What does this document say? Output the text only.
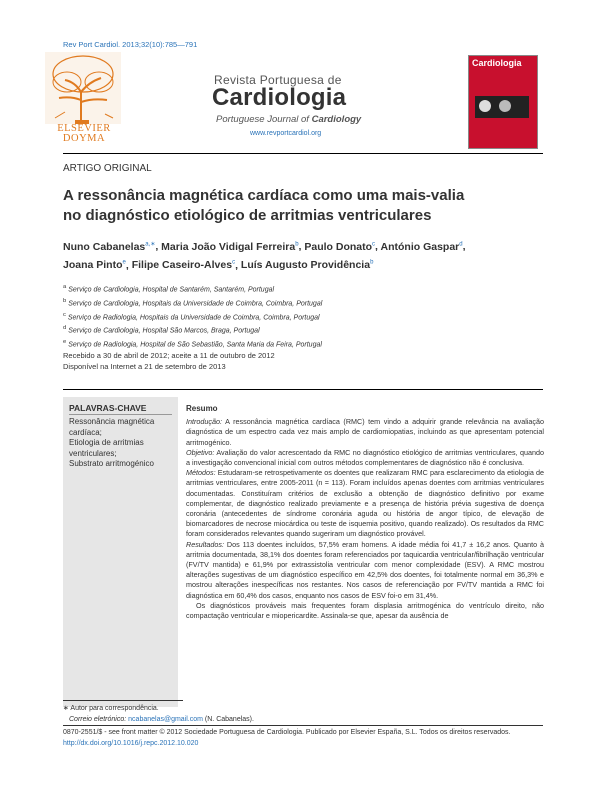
Rev Port Cardiol. 2013;32(10):785—791
ELSEVIER
DOYMA
Revista Portuguesa de
Cardiologia
Portuguese Journal of Cardiology
www.revportcardiol.org
Cardiologia
ARTIGO ORIGINAL
A ressonância magnética cardíaca como uma mais-valia
no diagnóstico etiológico de arritmias ventriculares
Nuno Cabanelas$^{a,∗}$, Maria João Vidigal Ferreira$^b$, Paulo Donato$^c$, António Gaspar$^d$,
Joana Pinto$^e$, Filipe Caseiro-Alves$^c$, Luís Augusto Providência$^b$
$^a$ Serviço de Cardiologia, Hospital de Santarém, Santarém, Portugal
$^b$ Serviço de Cardiologia, Hospitais da Universidade de Coimbra, Coimbra, Portugal
$^c$ Serviço de Radiologia, Hospitais da Universidade de Coimbra, Coimbra, Portugal
$^d$ Serviço de Cardiologia, Hospital São Marcos, Braga, Portugal
$^e$ Serviço de Radiologia, Hospital de São Sebastião, Santa Maria da Feira, Portugal
Recebido a 30 de abril de 2012; aceite a 11 de outubro de 2012
Disponível na Internet a 21 de setembro de 2013
PALAVRAS-CHAVE
Ressonância magnética cardíaca;
Etiologia de arritmias ventriculares;
Substrato arritmogénico
Resumo

Introdução: A ressonância magnética cardíaca (RMC) tem vindo a adquirir grande relevância na avaliação diagnóstica de um espectro cada vez mais amplo de cardiomiopatias, incluindo as que apresentam potencial arritmogénico.

Objetivo: Avaliação do valor acrescentado da RMC no diagnóstico etiológico de arritmias ventriculares, quando a investigação convencional inicial com outros métodos complementares de diagnóstico não é conclusiva.

Métodos: Estudaram-se retrospetivamente os doentes que realizaram RMC para esclarecimento da etiologia de arritmias ventriculares, entre 2005-2011 (n = 113). Foram incluídos apenas doentes com arritmias ventriculares documentadas. Constituíram critérios de exclusão a obtenção de diagnóstico definitivo por exame complementar, de diagnóstico realizado previamente e a presença de história prévia sugestiva de doença coronária (antecedentes de síndrome coronária aguda ou história de angor típico, de elevação de biomarcadores de necrose miocárdica ou teste de isquemia positivo, quando realizado). Os resultados da RMC foram considerados relevantes quando sugeriram um diagnóstico provável.

Resultados: Dos 113 doentes incluídos, 57,5% eram homens. A idade média foi 41,7 ± 16,2 anos. Quanto à arritmia documentada, 38,1% dos doentes foram referenciados por taquicardia ventricular/fibrilhação ventricular (FV/TV mantida) e 61,9% por extrassistolia ventricular com menor complexidade (ESV). A RMC mostrou alterações sugestivas de um diagnóstico específico em 42,5% dos doentes, foi totalmente normal em 36,3% e mostrou alterações inespecíficas nos restantes. Nos casos de referenciação por FV/TV mantida a RMC foi diagnóstica em 60,4% dos casos, enquanto nos casos de ESV foi-o em 31,4%.

Os diagnósticos prováveis mais frequentes foram displasia arritmogénica do ventrículo direito, não compactação ventricular e miopericardite. Assinala-se que, apesar da ausência de

∗ Autor para correspondência.
Correio eletrónico: ncabanelas@gmail.com (N. Cabanelas).
0870-2551/$ - see front matter © 2012 Sociedade Portuguesa de Cardiologia. Publicado por Elsevier España, S.L. Todos os direitos reservados.
http://dx.doi.org/10.1016/j.repc.2012.10.020
